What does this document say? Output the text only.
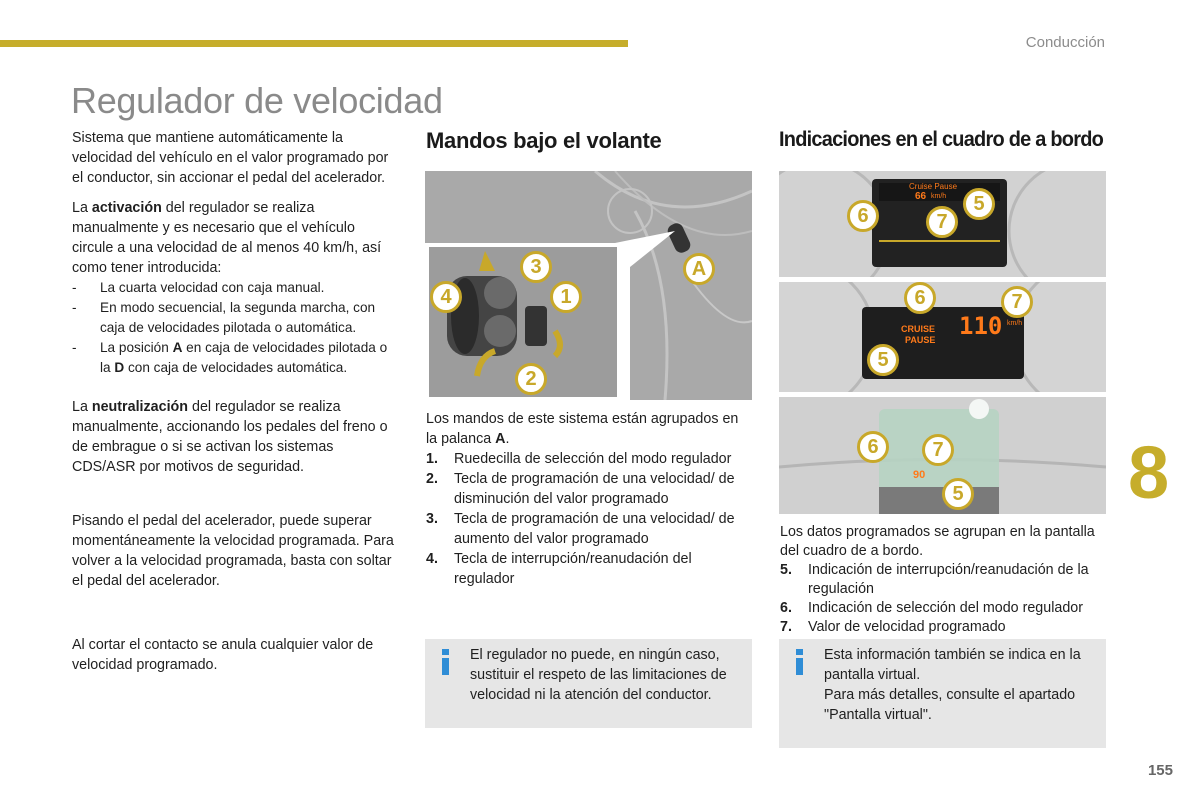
Conducción
Regulador de velocidad

Sistema que mantiene automáticamente la velocidad del vehículo en el valor programado por el conductor, sin accionar el pedal del acelerador.

La activación del regulador se realiza manualmente y es necesario que el vehículo circule a una velocidad de al menos 40 km/h, así como tener introducida:

- La cuarta velocidad con caja manual.
- En modo secuencial, la segunda marcha, con caja de velocidades pilotada o automática.
- La posición A en caja de velocidades pilotada o la D con caja de velocidades automática.

La neutralización del regulador se realiza manualmente, accionando los pedales del freno o de embrague o si se activan los sistemas CDS/ASR por motivos de seguridad.

Pisando el pedal del acelerador, puede superar momentáneamente la velocidad programada. Para volver a la velocidad programada, basta con soltar el pedal del acelerador.

Al cortar el contacto se anula cualquier valor de velocidad programado.

Mandos bajo el volante
A
1
2
3
4

Los mandos de este sistema están agrupados en la palanca A.

1. Ruedecilla de selección del modo regulador
2. Tecla de programación de una velocidad/ de disminución del valor programado
3. Tecla de programación de una velocidad/ de aumento del valor programado
4. Tecla de interrupción/reanudación del regulador
El regulador no puede, en ningún caso, sustituir el respeto de las limitaciones de velocidad ni la atención del conductor.
Indicaciones en el cuadro de a bordo
Cruise Pause
66 km/h
6	7
5
CRUISE
PAUSE 110 km/h
6	7
5
90
6	7
5

Los datos programados se agrupan en la pantalla del cuadro de a bordo.

5. Indicación de interrupción/reanudación de la regulación
6. Indicación de selección del modo regulador
7. Valor de velocidad programado

Esta información también se indica en la pantalla virtual.

Para más detalles, consulte el apartado "Pantalla virtual".

8
155
